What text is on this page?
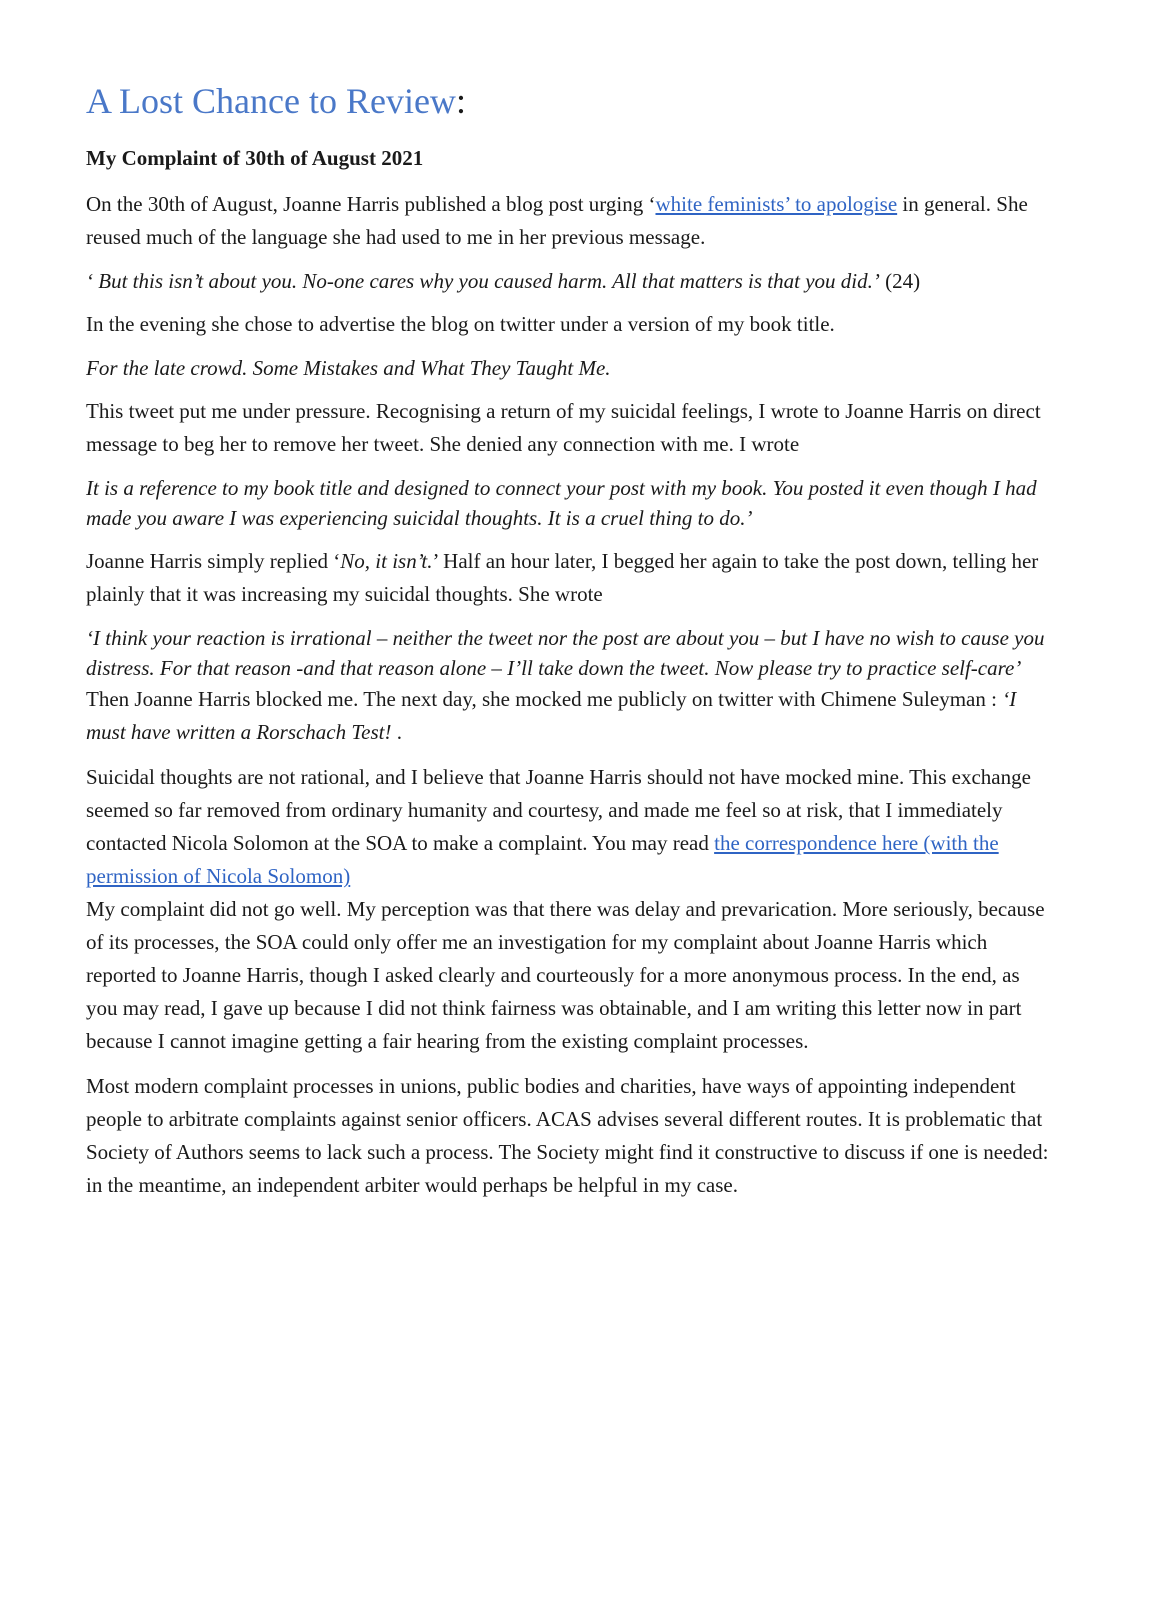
A Lost Chance to Review:
My Complaint of 30th of August 2021

On the 30th of August, Joanne Harris published a blog post urging ‘white feminists’ to apologise in general. She reused much of the language she had used to me in her previous message.

‘ But this isn’t about you. No-one cares why you caused harm. All that matters is that you did.’ (24)

In the evening she chose to advertise the blog on twitter under a version of my book title.

For the late crowd. Some Mistakes and What They Taught Me.

This tweet put me under pressure. Recognising a return of my suicidal feelings, I wrote to Joanne Harris on direct message to beg her to remove her tweet. She denied any connection with me. I wrote

It is a reference to my book title and designed to connect your post with my book. You posted it even though I had made you aware I was experiencing suicidal thoughts. It is a cruel thing to do.’

Joanne Harris simply replied ‘No, it isn’t.’ Half an hour later, I begged her again to take the post down, telling her plainly that it was increasing my suicidal thoughts. She wrote

‘I think your reaction is irrational – neither the tweet nor the post are about you – but I have no wish to cause you distress. For that reason -and that reason alone – I’ll take down the tweet. Now please try to practice self-care’

Then Joanne Harris blocked me. The next day, she mocked me publicly on twitter with Chimene Suleyman : ‘I must have written a Rorschach Test! .

Suicidal thoughts are not rational, and I believe that Joanne Harris should not have mocked mine. This exchange seemed so far removed from ordinary humanity and courtesy, and made me feel so at risk, that I immediately contacted Nicola Solomon at the SOA to make a complaint. You may read the correspondence here (with the permission of Nicola Solomon)

My complaint did not go well. My perception was that there was delay and prevarication. More seriously, because of its processes, the SOA could only offer me an investigation for my complaint about Joanne Harris which reported to Joanne Harris, though I asked clearly and courteously for a more anonymous process. In the end, as you may read, I gave up because I did not think fairness was obtainable, and I am writing this letter now in part because I cannot imagine getting a fair hearing from the existing complaint processes.

Most modern complaint processes in unions, public bodies and charities, have ways of appointing independent people to arbitrate complaints against senior officers. ACAS advises several different routes. It is problematic that Society of Authors seems to lack such a process. The Society might find it constructive to discuss if one is needed: in the meantime, an independent arbiter would perhaps be helpful in my case.
